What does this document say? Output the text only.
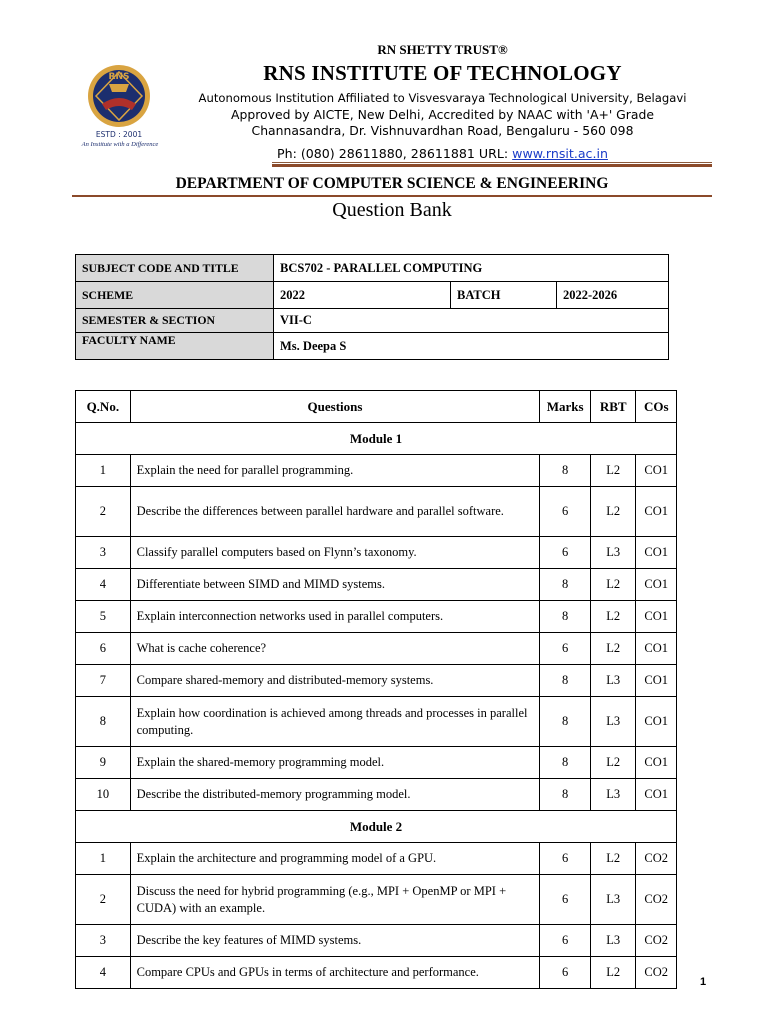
RNS
ESTD : 2001
An Institute with a Difference
RN SHETTY TRUST®
RNS INSTITUTE OF TECHNOLOGY
Autonomous Institution Affiliated to Visvesvaraya Technological University, Belagavi
Approved by AICTE, New Delhi, Accredited by NAAC with 'A+' Grade
Channasandra, Dr. Vishnuvardhan Road, Bengaluru - 560 098
Ph: (080) 28611880, 28611881 URL: www.rnsit.ac.in
DEPARTMENT OF COMPUTER SCIENCE & ENGINEERING
Question Bank
SUBJECT CODE AND TITLE	BCS702 - PARALLEL COMPUTING		
SCHEME	2022	BATCH	2022-2026
SEMESTER & SECTION	VII-C		
FACULTY NAME	Ms. Deepa S		
Q.No.	Questions	Marks	RBT	COs
Module 1				
1	Explain the need for parallel programming.	8	L2	CO1
2	Describe the differences between parallel hardware and parallel software.	6	L2	CO1
3	Classify parallel computers based on Flynn’s taxonomy.	6	L3	CO1
4	Differentiate between SIMD and MIMD systems.	8	L2	CO1
5	Explain interconnection networks used in parallel computers.	8	L2	CO1
6	What is cache coherence?	6	L2	CO1
7	Compare shared-memory and distributed-memory systems.	8	L3	CO1
8	Explain how coordination is achieved among threads and processes in parallel computing.	8	L3	CO1
9	Explain the shared-memory programming model.	8	L2	CO1
10	Describe the distributed-memory programming model.	8	L3	CO1
Module 2				
1	Explain the architecture and programming model of a GPU.	6	L2	CO2
2	Discuss the need for hybrid programming (e.g., MPI + OpenMP or MPI + CUDA) with an example.	6	L3	CO2
3	Describe the key features of MIMD systems.	6	L3	CO2
4	Compare CPUs and GPUs in terms of architecture and performance.	6	L2	CO2
1
